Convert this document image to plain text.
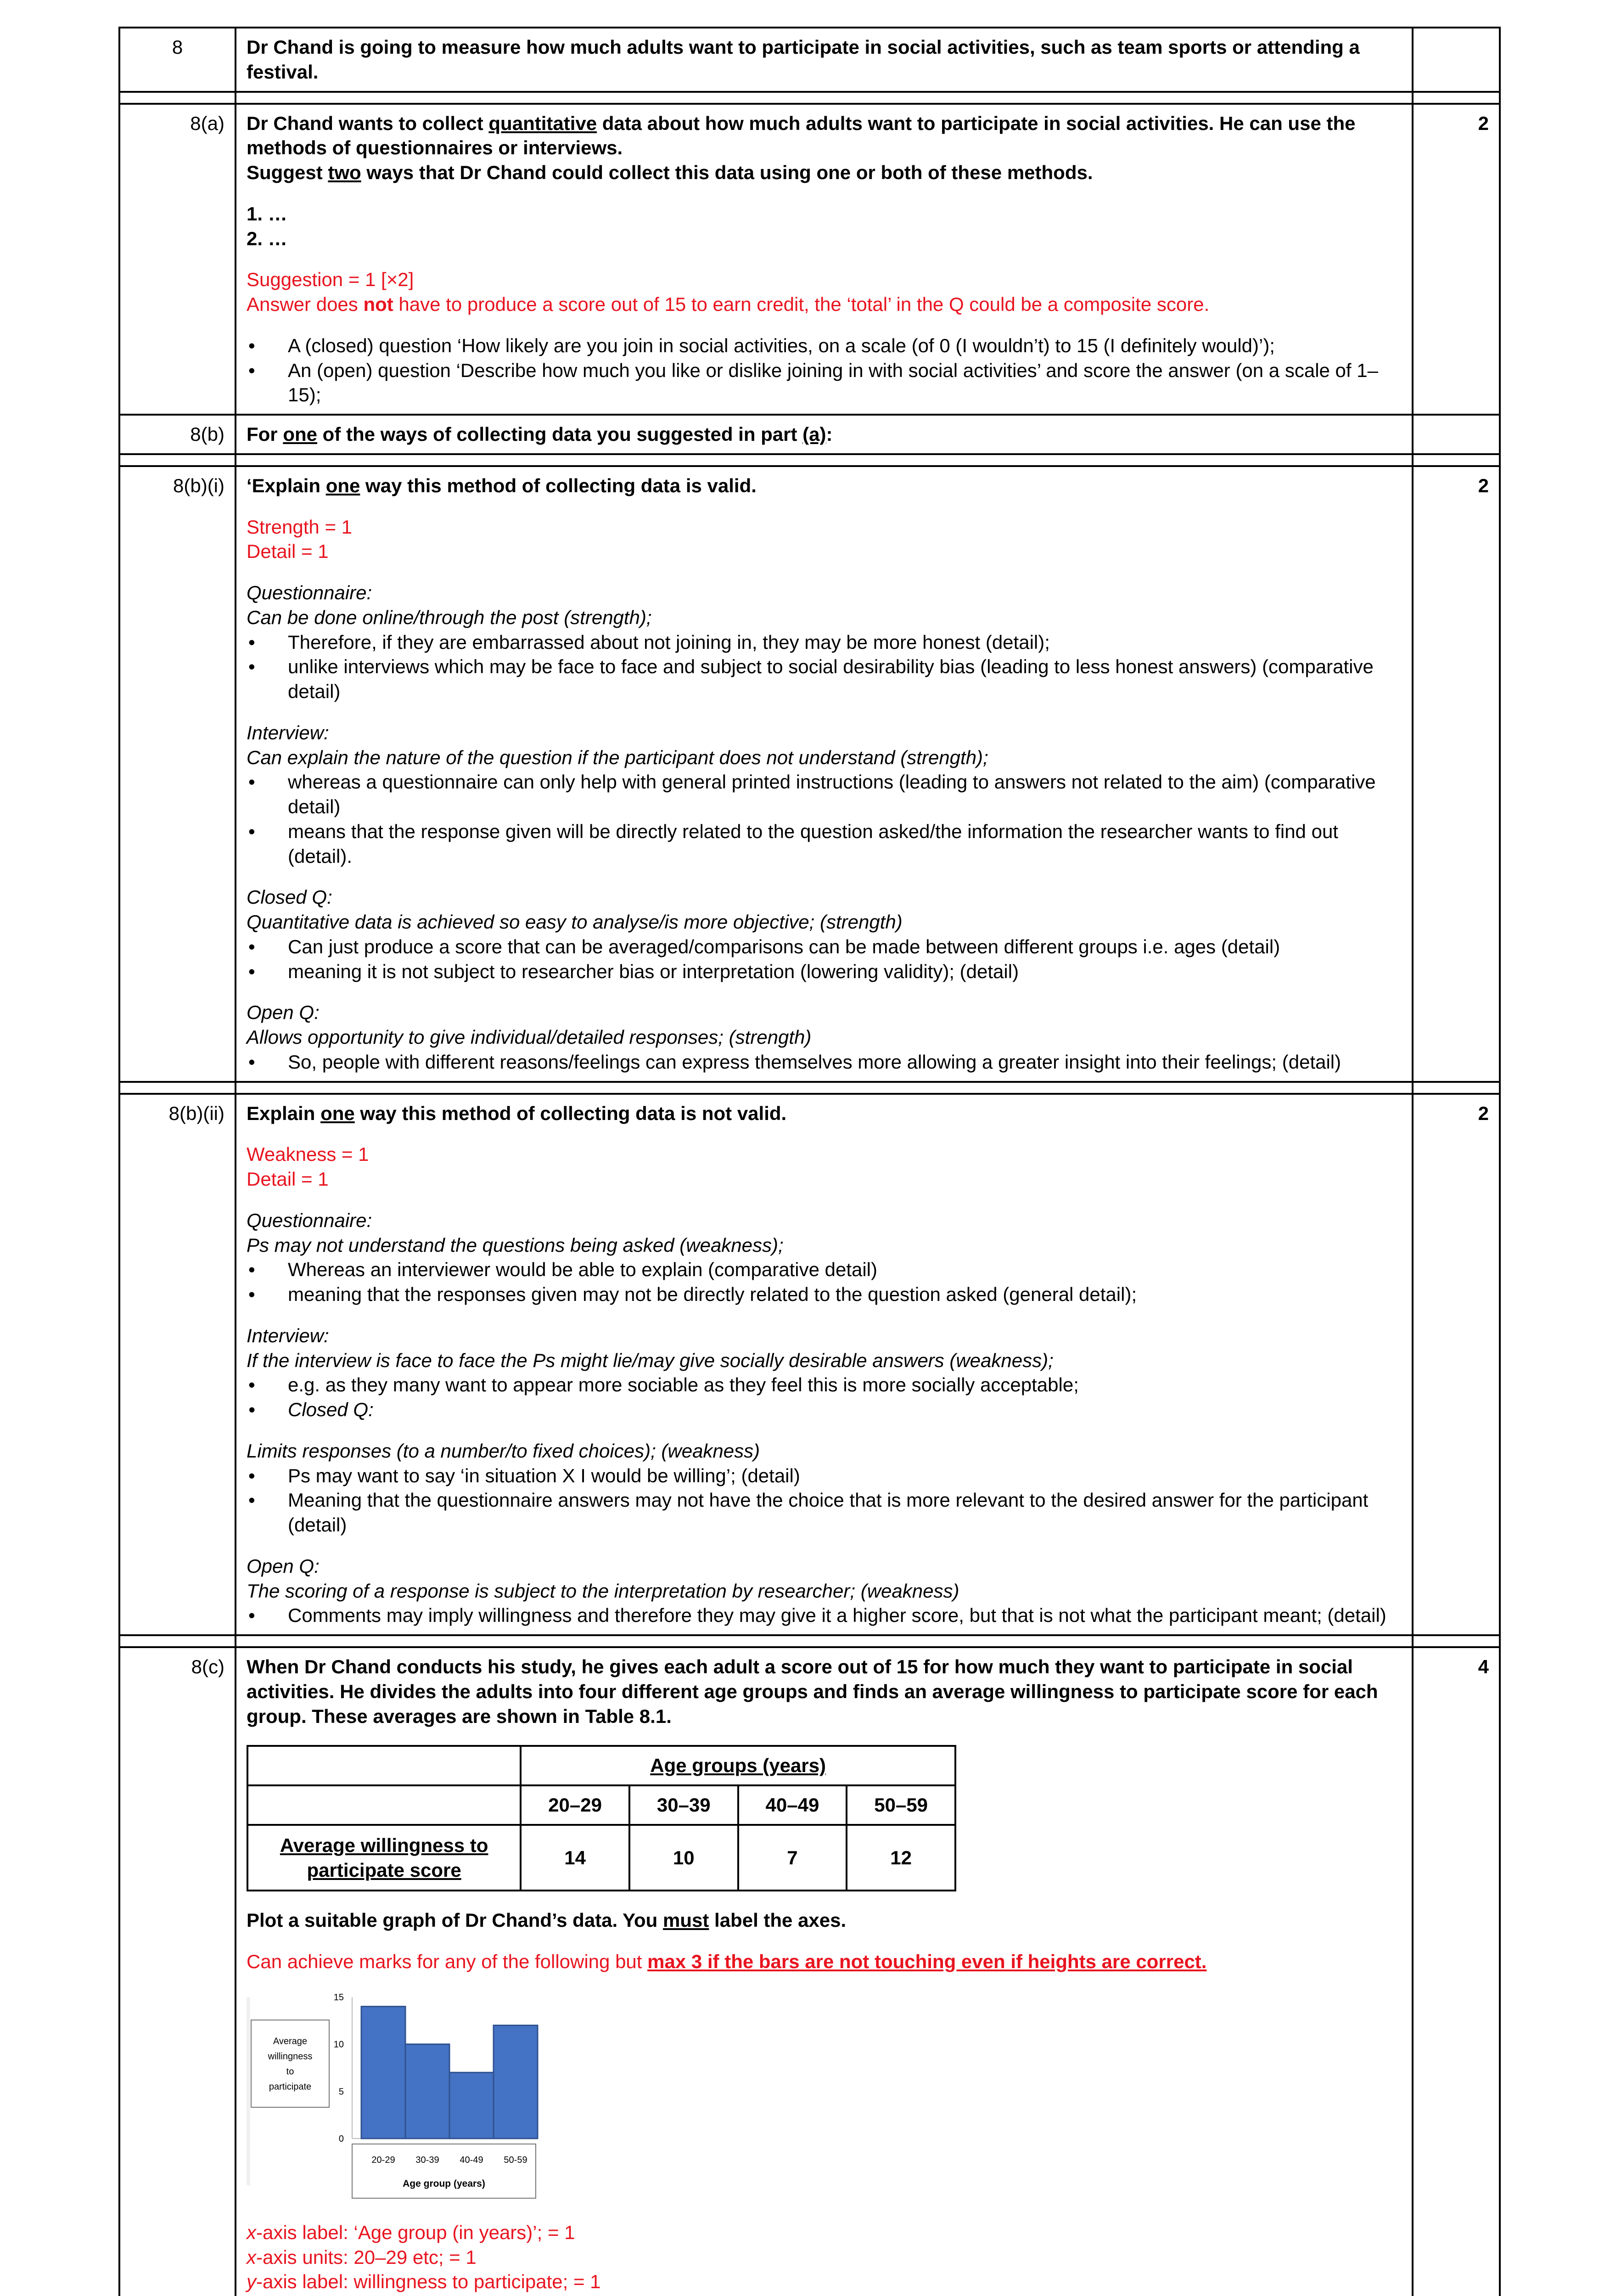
8	Dr Chand is going to measure how much adults want to participate in social activities, such as team sports or attending a festival.	

8(a)	Dr Chand wants to collect quantitative data about how much adults want to participate in social activities. He can use the methods of questionnaires or interviews.
Suggest two ways that Dr Chand could collect this data using one or both of these methods.
1. …
2. …
Suggestion = 1 [×2]
Answer does not have to produce a score out of 15 to earn credit, the ‘total’ in the Q could be a composite score.
• A (closed) question ‘How likely are you join in social activities, on a scale (of 0 (I wouldn’t) to 15 (I definitely would)’);
• An (open) question ‘Describe how much you like or dislike joining in with social activities’ and score the answer (on a scale of 1–15);
	2
8(b)	For one of the ways of collecting data you suggested in part (a):	

8(b)(i)	‘Explain one way this method of collecting data is valid.
Strength = 1
Detail = 1
Questionnaire:
Can be done online/through the post (strength);
• Therefore, if they are embarrassed about not joining in, they may be more honest (detail);
• unlike interviews which may be face to face and subject to social desirability bias (leading to less honest answers) (comparative detail)
Interview:
Can explain the nature of the question if the participant does not understand (strength);
• whereas a questionnaire can only help with general printed instructions (leading to answers not related to the aim) (comparative detail)
• means that the response given will be directly related to the question asked/the information the researcher wants to find out (detail).
Closed Q:
Quantitative data is achieved so easy to analyse/is more objective; (strength)
• Can just produce a score that can be averaged/comparisons can be made between different groups i.e. ages (detail)
• meaning it is not subject to researcher bias or interpretation (lowering validity); (detail)
Open Q:
Allows opportunity to give individual/detailed responses; (strength)
• So, people with different reasons/feelings can express themselves more allowing a greater insight into their feelings; (detail)
	2

8(b)(ii)	Explain one way this method of collecting data is not valid.
Weakness = 1
Detail = 1
Questionnaire:
Ps may not understand the questions being asked (weakness);
• Whereas an interviewer would be able to explain (comparative detail)
• meaning that the responses given may not be directly related to the question asked (general detail);
Interview:
If the interview is face to face the Ps might lie/may give socially desirable answers (weakness);
• e.g. as they many want to appear more sociable as they feel this is more socially acceptable;
• Closed Q:
Limits responses (to a number/to fixed choices); (weakness)
• Ps may want to say ‘in situation X I would be willing’; (detail)
• Meaning that the questionnaire answers may not have the choice that is more relevant to the desired answer for the participant (detail)
Open Q:
The scoring of a response is subject to the interpretation by researcher; (weakness)
• Comments may imply willingness and therefore they may give it a higher score, but that is not what the participant meant; (detail)
	2

8(c)	When Dr Chand conducts his study, he gives each adult a score out of 15 for how much they want to participate in social activities. He divides the adults into four different age groups and finds an average willingness to participate score for each group. These averages are shown in Table 8.1.
	Age groups (years)
	20–29	30–39	40–49	50–59
Average willingness to participate score	14	10	7	12
Plot a suitable graph of Dr Chand’s data. You must label the axes.
Can achieve marks for any of the following but max 3 if the bars are not touching even if heights are correct.
Average willingness to participate
0
5
10
15
20-29 30-39 40-49 50-59
Age group (years)
x-axis label: ‘Age group (in years)’; = 1
x-axis units: 20–29 etc; = 1
y-axis label: willingness to participate; = 1
	4
